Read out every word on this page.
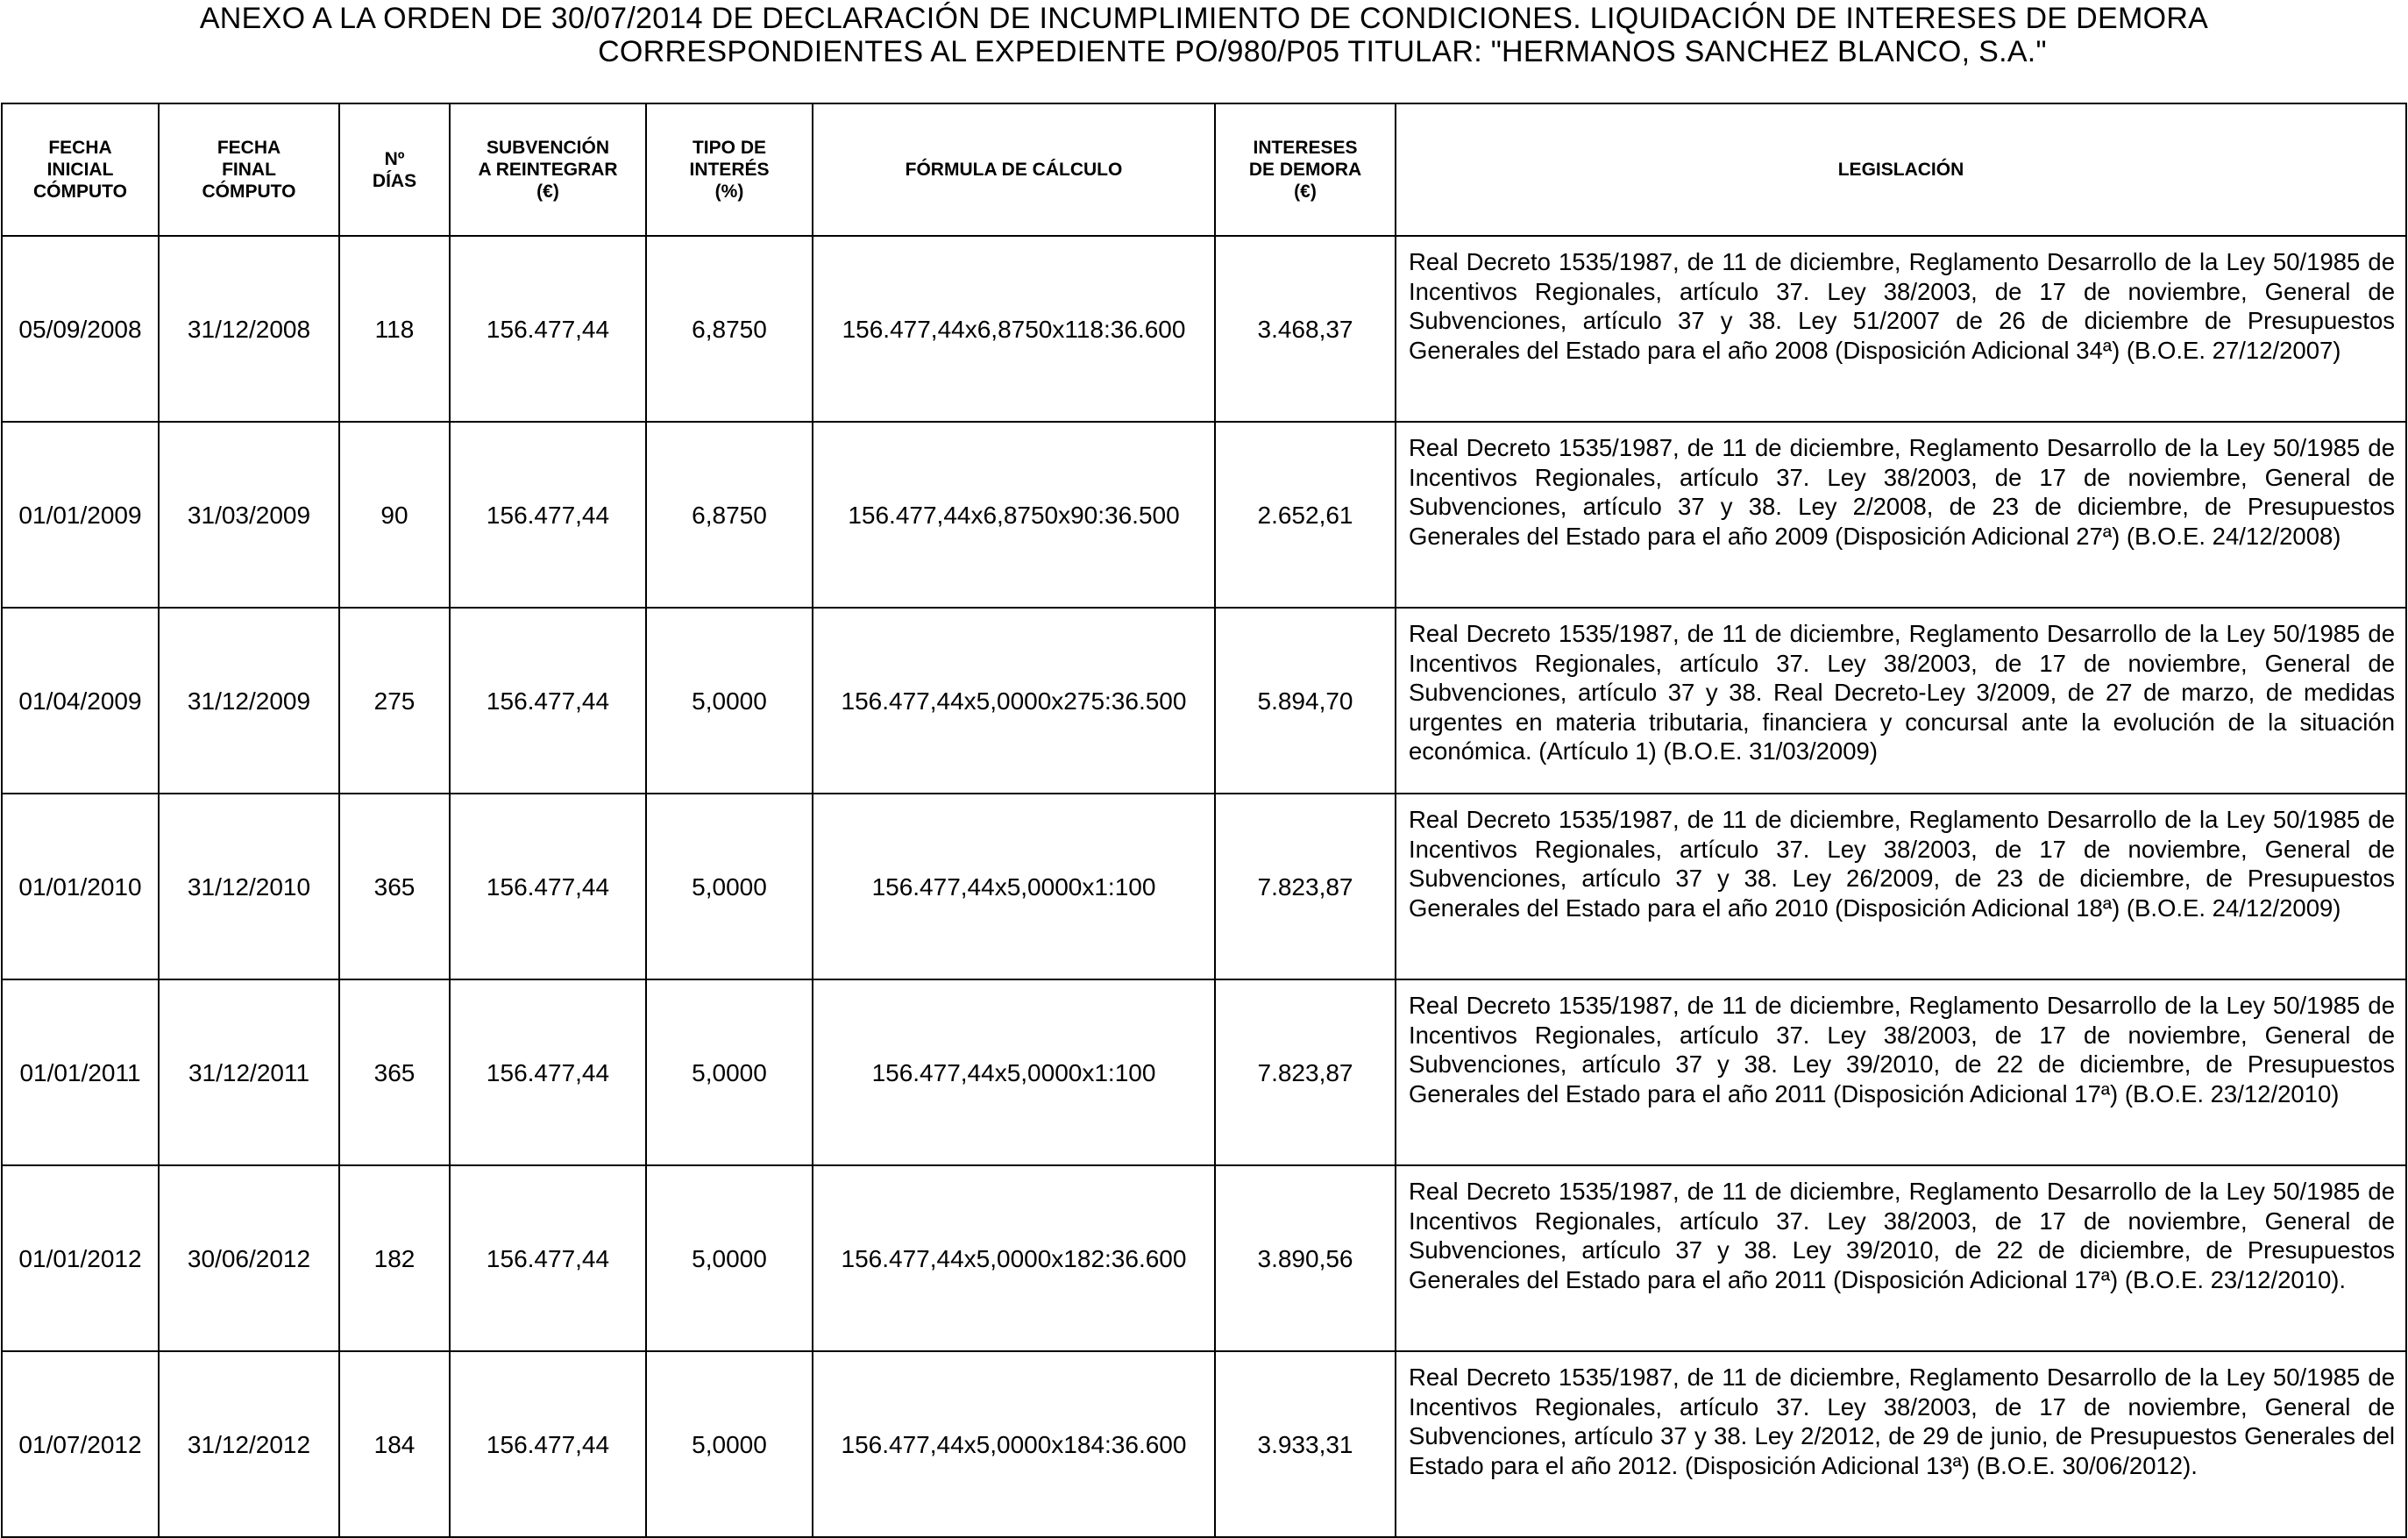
ANEXO A LA ORDEN DE 30/07/2014 DE DECLARACIÓN DE INCUMPLIMIENTO DE CONDICIONES. LIQUIDACIÓN DE INTERESES DE DEMORA
CORRESPONDIENTES AL EXPEDIENTE PO/980/P05 TITULAR: "HERMANOS SANCHEZ BLANCO, S.A."
FECHA
INICIAL
CÓMPUTO	FECHA
FINAL
CÓMPUTO	Nº
DÍAS	SUBVENCIÓN
A REINTEGRAR
(€)	TIPO DE
INTERÉS
(%)	FÓRMULA DE CÁLCULO	INTERESES
DE DEMORA
(€)	LEGISLACIÓN
05/09/2008	31/12/2008	118	156.477,44	6,8750	156.477,44x6,8750x118:36.600	3.468,37	Real Decreto 1535/1987, de 11 de diciembre, Reglamento Desarrollo de la Ley 50/1985 de Incentivos Regionales, artículo 37. Ley 38/2003, de 17 de noviembre, General de Subvenciones, artículo 37 y 38. Ley 51/2007 de 26 de diciembre de Presupuestos Generales del Estado para el año 2008 (Disposición Adicional 34ª) (B.O.E. 27/12/2007)
01/01/2009	31/03/2009	90	156.477,44	6,8750	156.477,44x6,8750x90:36.500	2.652,61	Real Decreto 1535/1987, de 11 de diciembre, Reglamento Desarrollo de la Ley 50/1985 de Incentivos Regionales, artículo 37. Ley 38/2003, de 17 de noviembre, General de Subvenciones, artículo 37 y 38. Ley 2/2008, de 23 de diciembre, de Presupuestos Generales del Estado para el año 2009 (Disposición Adicional 27ª) (B.O.E. 24/12/2008)
01/04/2009	31/12/2009	275	156.477,44	5,0000	156.477,44x5,0000x275:36.500	5.894,70	Real Decreto 1535/1987, de 11 de diciembre, Reglamento Desarrollo de la Ley 50/1985 de Incentivos Regionales, artículo 37. Ley 38/2003, de 17 de noviembre, General de Subvenciones, artículo 37 y 38. Real Decreto-Ley 3/2009, de 27 de marzo, de medidas urgentes en materia tributaria, financiera y concursal ante la evolución de la situación económica. (Artículo 1) (B.O.E. 31/03/2009)
01/01/2010	31/12/2010	365	156.477,44	5,0000	156.477,44x5,0000x1:100	7.823,87	Real Decreto 1535/1987, de 11 de diciembre, Reglamento Desarrollo de la Ley 50/1985 de Incentivos Regionales, artículo 37. Ley 38/2003, de 17 de noviembre, General de Subvenciones, artículo 37 y 38. Ley 26/2009, de 23 de diciembre, de Presupuestos Generales del Estado para el año 2010 (Disposición Adicional 18ª) (B.O.E. 24/12/2009)
01/01/2011	31/12/2011	365	156.477,44	5,0000	156.477,44x5,0000x1:100	7.823,87	Real Decreto 1535/1987, de 11 de diciembre, Reglamento Desarrollo de la Ley 50/1985 de Incentivos Regionales, artículo 37. Ley 38/2003, de 17 de noviembre, General de Subvenciones, artículo 37 y 38. Ley 39/2010, de 22 de diciembre, de Presupuestos Generales del Estado para el año 2011 (Disposición Adicional 17ª) (B.O.E. 23/12/2010)
01/01/2012	30/06/2012	182	156.477,44	5,0000	156.477,44x5,0000x182:36.600	3.890,56	Real Decreto 1535/1987, de 11 de diciembre, Reglamento Desarrollo de la Ley 50/1985 de Incentivos Regionales, artículo 37. Ley 38/2003, de 17 de noviembre, General de Subvenciones, artículo 37 y 38. Ley 39/2010, de 22 de diciembre, de Presupuestos Generales del Estado para el año 2011 (Disposición Adicional 17ª) (B.O.E. 23/12/2010).
01/07/2012	31/12/2012	184	156.477,44	5,0000	156.477,44x5,0000x184:36.600	3.933,31	Real Decreto 1535/1987, de 11 de diciembre, Reglamento Desarrollo de la Ley 50/1985 de Incentivos Regionales, artículo 37. Ley 38/2003, de 17 de noviembre, General de Subvenciones, artículo 37 y 38. Ley 2/2012, de 29 de junio, de Presupuestos Generales del Estado para el año 2012. (Disposición Adicional 13ª) (B.O.E. 30/06/2012).
